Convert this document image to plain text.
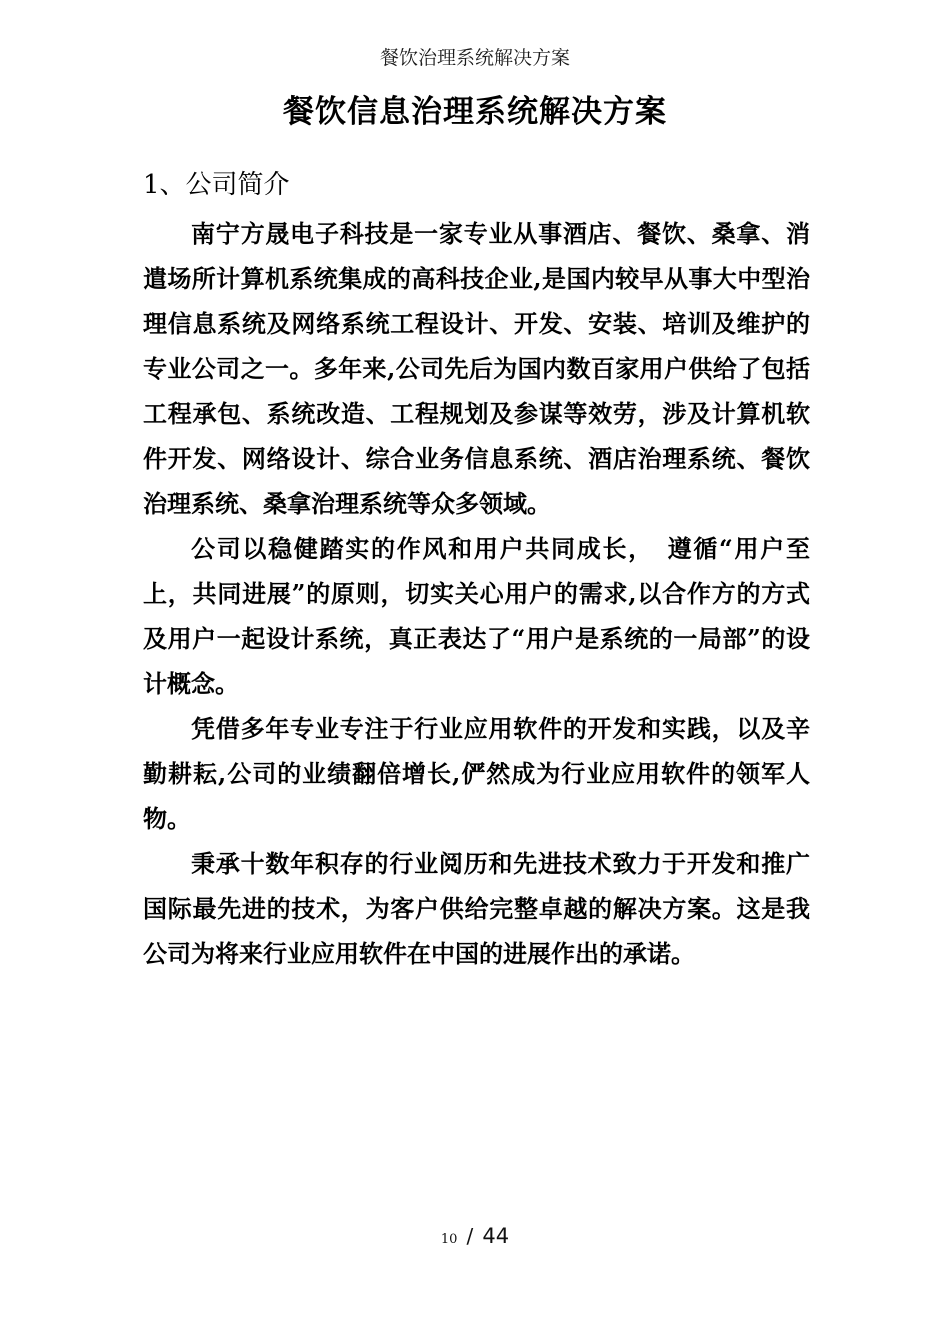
餐饮治理系统解决方案
餐饮信息治理系统解决方案
1、公司简介

南宁方晟电子科技是一家专业从事酒店、餐饮、桑拿、消遣场所计算机系统集成的高科技企业,是国内较早从事大中型治理信息系统及网络系统工程设计、开发、安装、培训及维护的专业公司之一。多年来,公司先后为国内数百家用户供给了包括工程承包、系统改造、工程规划及参谋等效劳，涉及计算机软件开发、网络设计、综合业务信息系统、酒店治理系统、餐饮治理系统、桑拿治理系统等众多领域。

公司以稳健踏实的作风和用户共同成长，　遵循“用户至上，共同进展”的原则，切实关心用户的需求,以合作方的方式及用户一起设计系统，真正表达了“用户是系统的一局部”的设计概念。

凭借多年专业专注于行业应用软件的开发和实践，以及辛勤耕耘,公司的业绩翻倍增长,俨然成为行业应用软件的领军人物。

秉承十数年积存的行业阅历和先进技术致力于开发和推广国际最先进的技术，为客户供给完整卓越的解决方案。这是我公司为将来行业应用软件在中国的进展作出的承诺。

10 / 44
